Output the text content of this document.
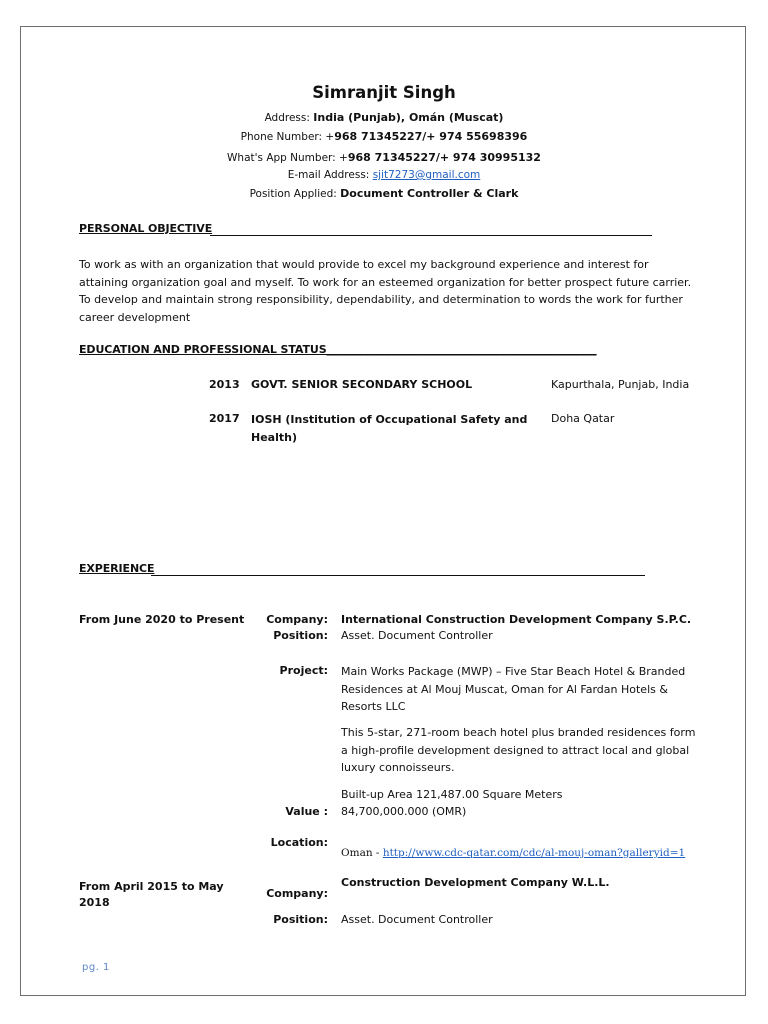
Simranjit Singh
Address: India (Punjab), Omán (Muscat)
Phone Number: +968 71345227/+ 974 55698396
What's App Number: +968 71345227/+ 974 30995132
E-mail Address: sjit7273@gmail.com
Position Applied: Document Controller & Clark
PERSONAL OBJECTIVE

To work as with an organization that would provide to excel my background experience and interest for

attaining organization goal and myself. To work for an esteemed organization for better prospect future carrier.

To develop and maintain strong responsibility, dependability, and determination to words the work for further

career development

EDUCATION AND PROFESSIONAL STATUS__________________________________________________
2013 GOVT. SENIOR SECONDARY SCHOOL	Kapurthala, Punjab, India
2017 IOSH (Institution of Occupational Safety and Health)
Doha Qatar
EXPERIENCE
From June 2020 to Present	Company: International Construction Development Company S.P.C.
Position: Asset. Document Controller
Project: Main Works Package (MWP) – Five Star Beach Hotel & Branded Residences at Al Mouj Muscat, Oman for Al Fardan Hotels & Resorts LLC
This 5-star, 271-room beach hotel plus branded residences form a high-profile development designed to attract local and global luxury connoisseurs.
Built-up Area 121,487.00 Square Meters
Value : 84,700,000.000 (OMR)
Location:
Oman - http://www.cdc-qatar.com/cdc/al-mouj-oman?galleryid=1
From April 2015 to May 2018
Company:
Construction Development Company W.L.L.
Position: Asset. Document Controller
pg. 1
